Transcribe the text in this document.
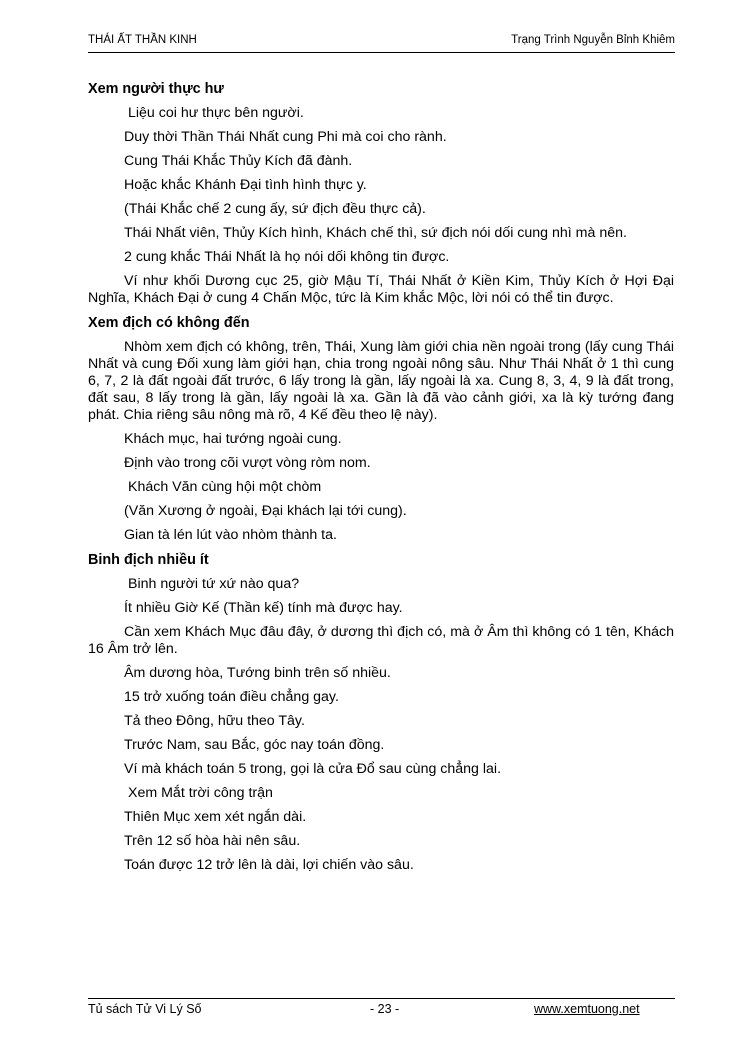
THÁI ẤT THẦN KINH	Trạng Trình Nguyễn Bỉnh Khiêm
Xem người thực hư
Liệu coi hư thực bên người.
Duy thời Thần Thái Nhất cung Phi mà coi cho rành.
Cung Thái Khắc Thủy Kích đã đành.
Hoặc khắc Khánh Đại tình hình thực y.
(Thái Khắc chế 2 cung ấy, sứ địch đều thực cả).
Thái Nhất viên, Thủy Kích hình, Khách chế thì, sứ địch nói dối cung nhì mà nên.
2 cung khắc Thái Nhất là họ nói dối không tin được.
Ví như khối Dương cục 25, giờ Mậu Tí, Thái Nhất ở Kiền Kim, Thủy Kích ở Hợi Đại Nghĩa, Khách Đại ở cung 4 Chấn Mộc, tức là Kim khắc Mộc, lời nói có thể tin được.
Xem địch có không đến
Nhòm xem địch có không, trên, Thái, Xung làm giới chia nền ngoài trong (lấy cung Thái Nhất và cung Đối xung làm giới hạn, chia trong ngoài nông sâu. Như Thái Nhất ở 1 thì cung 6, 7, 2 là đất ngoài đất trước, 6 lấy trong là gần, lấy ngoài là xa. Cung 8, 3, 4, 9 là đất trong, đất sau, 8 lấy trong là gần, lấy ngoài là xa. Gần là đã vào cảnh giới, xa là kỳ tướng đang phát. Chia riêng sâu nông mà rõ, 4 Kế đều theo lệ này).
Khách mục, hai tướng ngoài cung.
Định vào trong cõi vượt vòng ròm nom.
Khách Văn cùng hội một chòm
(Văn Xương ở ngoài, Đại khách lại tới cung).
Gian tà lén lút vào nhòm thành ta.
Binh địch nhiều ít
Binh người tứ xứ nào qua?
Ít nhiều Giờ Kế (Thần kế) tính mà được hay.
Cần xem Khách Mục đâu đây, ở dương thì địch có, mà ở Âm thì không có 1 tên, Khách 16 Âm trở lên.
Âm dương hòa, Tướng binh trên số nhiều.
15 trở xuống toán điều chẳng gay.
Tả theo Đông, hữu theo Tây.
Trước Nam, sau Bắc, góc nay toán đồng.
Ví mà khách toán 5 trong, gọi là cửa Đổ sau cùng chẳng lai.
Xem Mắt trời công trận
Thiên Mục xem xét ngắn dài.
Trên 12 số hòa hài nên sâu.
Toán được 12 trở lên là dài, lợi chiến vào sâu.
Tủ sách Tử Vi Lý Số	- 23 -	www.xemtuong.net
